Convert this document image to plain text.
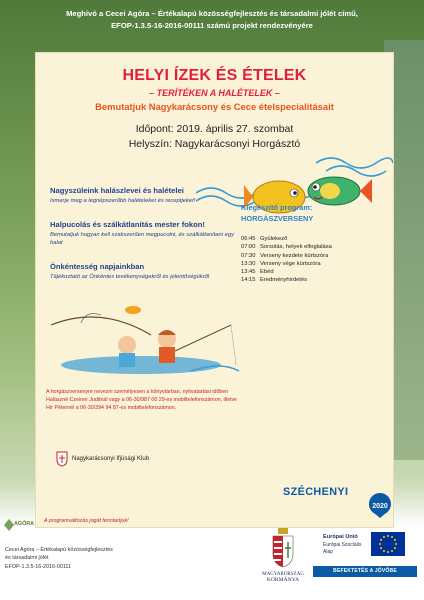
Meghívó a Cecei Agóra – Értékalapú közösségfejlesztés és társadalmi jólét című,
EFOP-1.3.5-16-2016-00111 számú projekt rendezvényére
HELYI ÍZEK ÉS ÉTELEK
– TERÍTÉKEN A HALÉTELEK –
Bemutatjuk Nagykarácsony és Cece ételspecialitásait
Időpont: 2019. április 27. szombat
Helyszín: Nagykarácsonyi Horgásztó
Nagyszüleink halászlevei és halételei

Ismerje meg a legnépszerűbb halételeket és receptjeket!

Halpucolás és szálkátlanítás mester fokon!

Bemutatjuk hogyan kell szakszerűen megpucolni, és szálkátlanítani egy halat

Önkéntesség napjainkban

Tájékoztató az Önkéntes tevékenységekről és jelentőségükről

Kiegészítő program:
HORGÁSZVERSENY
06:45 Gyülekező
07:00 Sorsolás, helyek elfoglalása
07:30 Verseny kezdete kürtszóra
13:30 Verseny vége kürtszóra
13:45 Ebéd
14:15 Eredményhirdetés
A horgászversenyre nevezni személyesen a könyvtárban, nyitvatartási időben
Halászné Czeiner Juditnál vagy a 06-30/987 00 29-es mobiltelefonszámon, illetve
Hír Péternél a 06-30/394 94 87-es mobiltelefonszámon.
Nagykarácsonyi Ifjúsági Klub
A programváltozás jogát fenntartjuk!
AGÓRA
Cecei Agóra – Értékalapú közösségfejlesztés
és társadalmi jólét
EFOP-1.3.5-16-2016-00111
SZÉCHENYI
2020
MAGYARORSZÁG
KORMÁNYA
Európai Unió
Európai Szociális
Alap
BEFEKTETÉS A JÖVŐBE
